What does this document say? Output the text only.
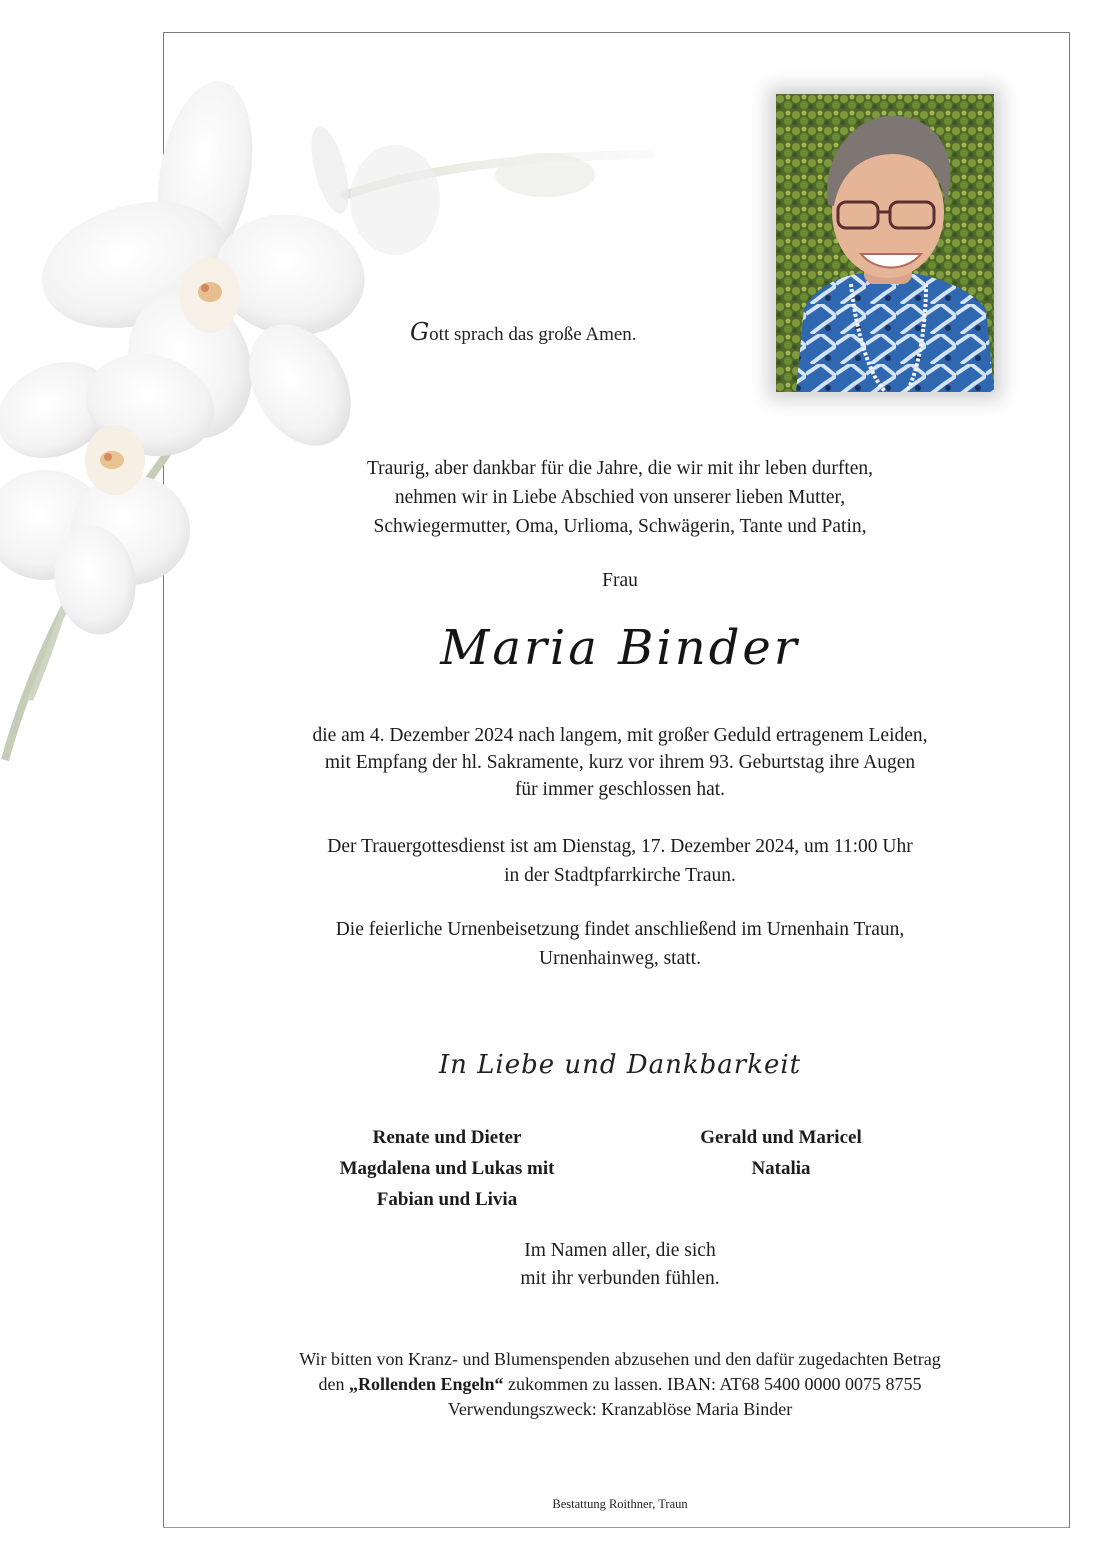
Gott sprach das große Amen.
Traurig, aber dankbar für die Jahre, die wir mit ihr leben durften,
nehmen wir in Liebe Abschied von unserer lieben Mutter,
Schwiegermutter, Oma, Urlioma, Schwägerin, Tante und Patin,
Frau
Maria Binder
die am 4. Dezember 2024 nach langem, mit großer Geduld ertragenem Leiden,
mit Empfang der hl. Sakramente, kurz vor ihrem 93. Geburtstag ihre Augen
für immer geschlossen hat.
Der Trauergottesdienst ist am Dienstag, 17. Dezember 2024, um 11:00 Uhr
in der Stadtpfarrkirche Traun.
Die feierliche Urnenbeisetzung findet anschließend im Urnenhain Traun,
Urnenhainweg, statt.
In Liebe und Dankbarkeit
Renate und Dieter
Magdalena und Lukas mit
Fabian und Livia
Gerald und Maricel
Natalia
Im Namen aller, die sich
mit ihr verbunden fühlen.
Wir bitten von Kranz- und Blumenspenden abzusehen und den dafür zugedachten Betrag
den „Rollenden Engeln“ zukommen zu lassen. IBAN: AT68 5400 0000 0075 8755
Verwendungszweck: Kranzablöse Maria Binder
Bestattung Roithner, Traun
